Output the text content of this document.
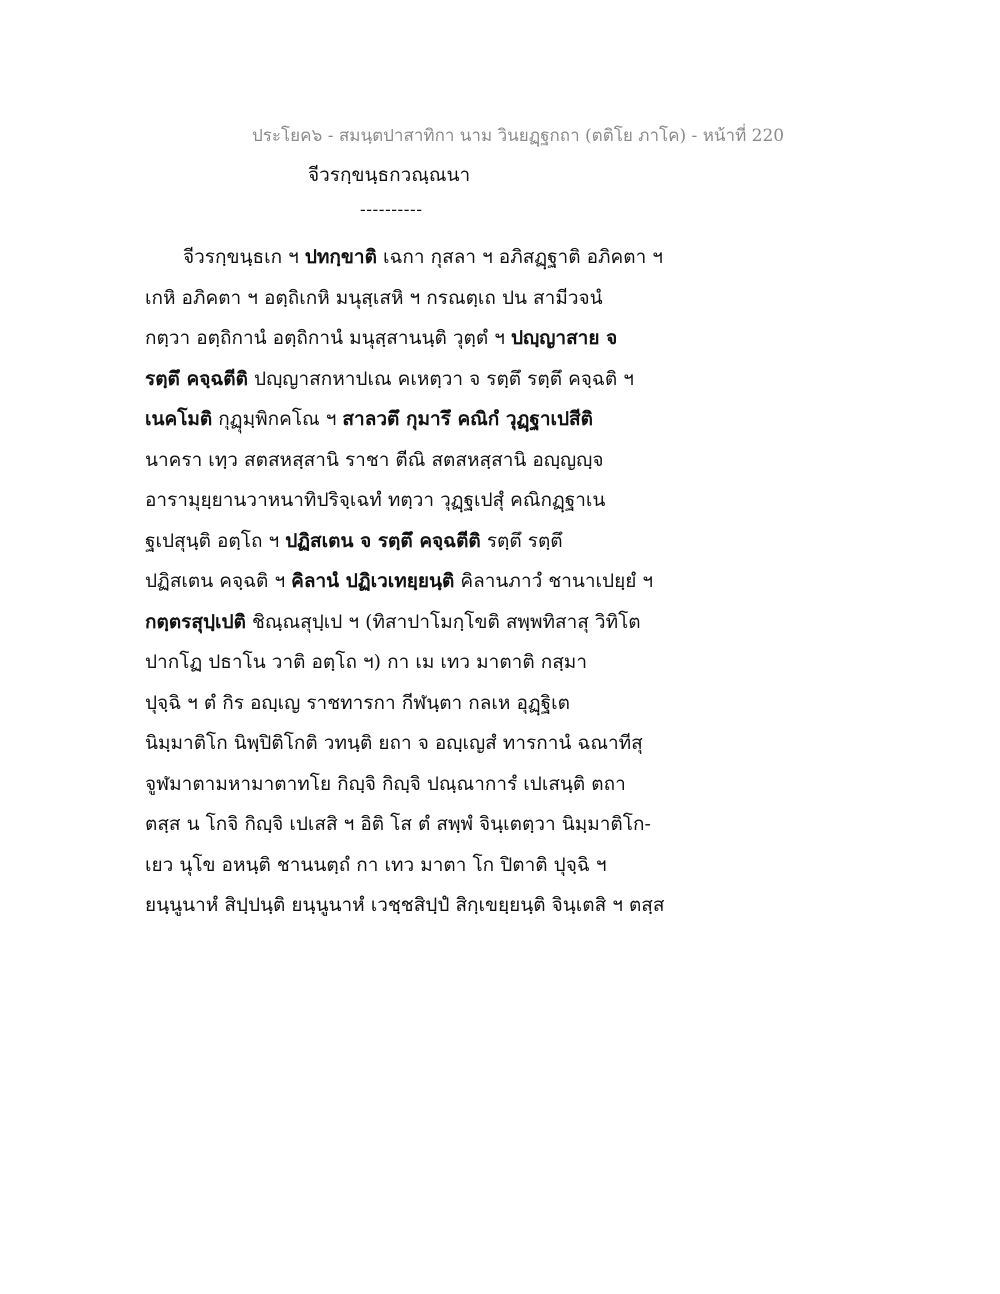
ประโยค๖ - สมนฺตปาสาทิกา นาม วินยฏฺฐกถา (ตติโย ภาโค) - หน้าที่ 220
จีวรกฺขนฺธกวณฺณนา
----------
จีวรกฺขนฺธเก ฯ ปทกฺขาติ เฉกา กุสลา ฯ อภิสฏฺฐาติ อภิคตา ฯ
เกหิ อภิคตา ฯ อตฺถิเกหิ มนุสฺเสหิ ฯ กรณตฺเถ ปน สามีวจนํ
กตฺวา อตฺถิกานํ อตฺถิกานํ มนุสฺสานนฺติ วุตฺตํ ฯ ปญฺญาสาย จ
รตฺตึ คจฺฉตีติ ปญฺญาสกหาปเณ คเหตฺวา จ รตฺตึ รตฺตึ คจฺฉติ ฯ
เนคโมติ กุฏุมฺพิกคโณ ฯ สาลวตึ กุมารึ คณิกํ วุฏฺฐาเปสีติ
นาครา เทฺว สตสหสฺสานิ ราชา ตีณิ สตสหสฺสานิ อญฺญญฺจ
อารามุยฺยานวาหนาทิปริจฺเฉทํ ทตฺวา วุฏฺฐเปสุํ คณิกฏฺฐาเน
ฐเปสุนฺติ อตฺโถ ฯ ปฏิสเตน จ รตฺตึ คจฺฉตีติ รตฺตึ รตฺตึ
ปฏิสเตน คจฺฉติ ฯ คิลานํ ปฏิเวเทยฺยนฺติ คิลานภาวํ ชานาเปยฺยํ ฯ
กตฺตรสุปฺเปติ ชิณฺณสุปฺเป ฯ (ทิสาปาโมกฺโขติ สพฺพทิสาสุ วิทิโต
ปากโฏ ปธาโน วาติ อตฺโถ ฯ) กา เม เทว มาตาติ กสฺมา
ปุจฺฉิ ฯ ตํ กิร อญฺเญ ราชทารกา กีฬนฺตา กลเห อุฏฺฐิเต
นิมฺมาติโก นิพฺปิติโกติ วทนฺติ ยถา จ อญฺเญสํ ทารกานํ ฉณาทีสุ
จูฬมาตามหามาตาทโย กิญฺจิ กิญฺจิ ปณฺณาการํ เปเสนฺติ ตถา
ตสฺส น โกจิ กิญฺจิ เปเสสิ ฯ อิติ โส ตํ สพฺพํ จินฺเตตฺวา นิมฺมาติโก-
เยว นุโข อหนฺติ ชานนตฺถํ กา เทว มาตา โก ปิตาติ ปุจฺฉิ ฯ
ยนฺนูนาหํ สิปฺปนฺติ ยนฺนูนาหํ เวชฺชสิปฺปํ สิกฺเขยฺยนฺติ จินฺเตสิ ฯ ตสฺส
